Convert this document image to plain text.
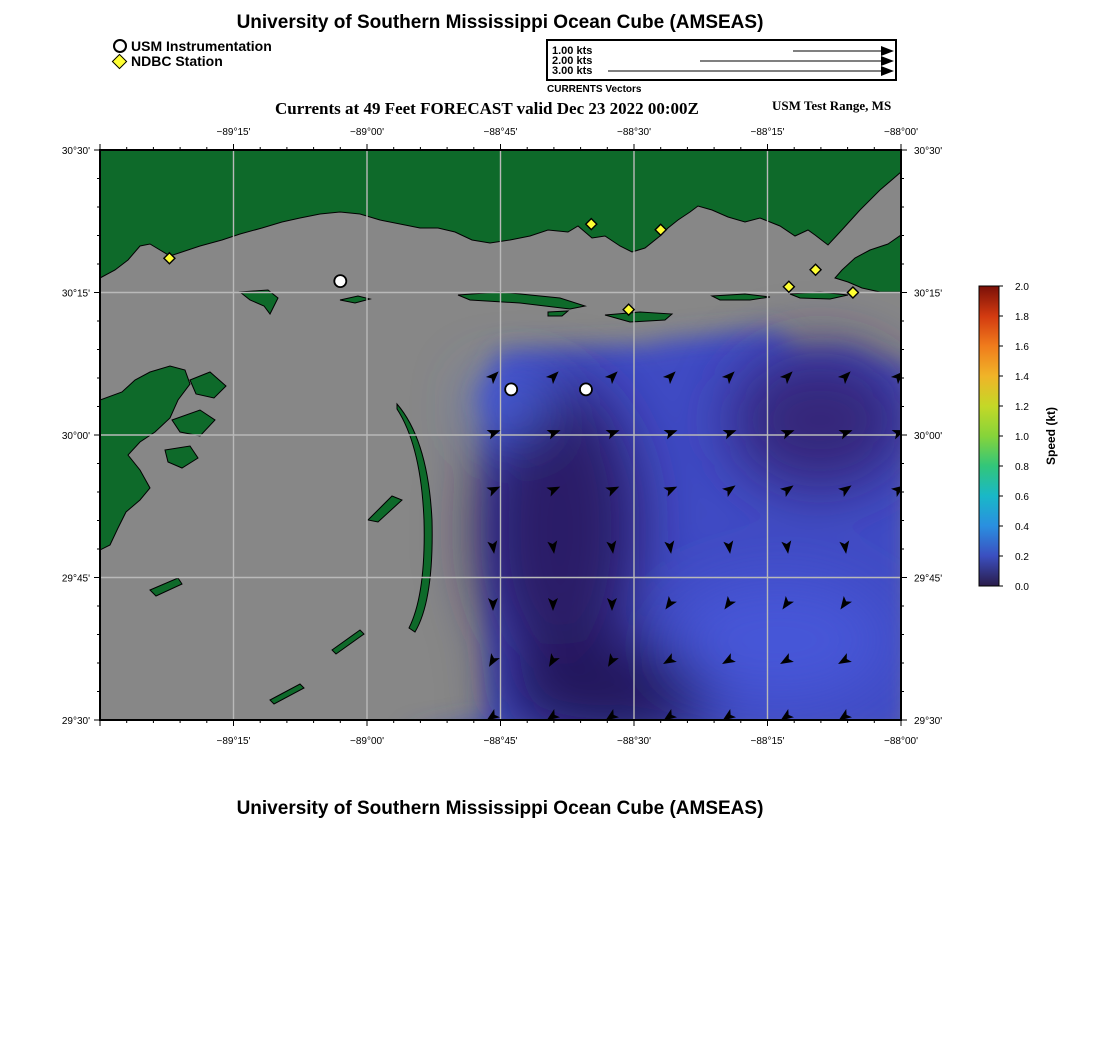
University of Southern Mississippi Ocean Cube (AMSEAS)
USM Instrumentation
NDBC Station
1.00 kts
2.00 kts
3.00 kts
CURRENTS Vectors
Currents at 49 Feet FORECAST valid Dec 23 2022 00:00Z	USM Test Range, MS
−89°15'	−89°00'	−88°45'	−88°30'	−88°15'	−88°00'
−89°15'	−89°00'	−88°45'	−88°30'	−88°15'	−88°00'
30°30'
30°15'
30°00'
29°45'
29°30'
30°30'
30°15'
30°00'
29°45'
29°30'
2.0
1.8
1.6
1.4
1.2
1.0
0.8
0.6
0.4
0.2
0.0
Speed (kt)
University of Southern Mississippi Ocean Cube (AMSEAS)
